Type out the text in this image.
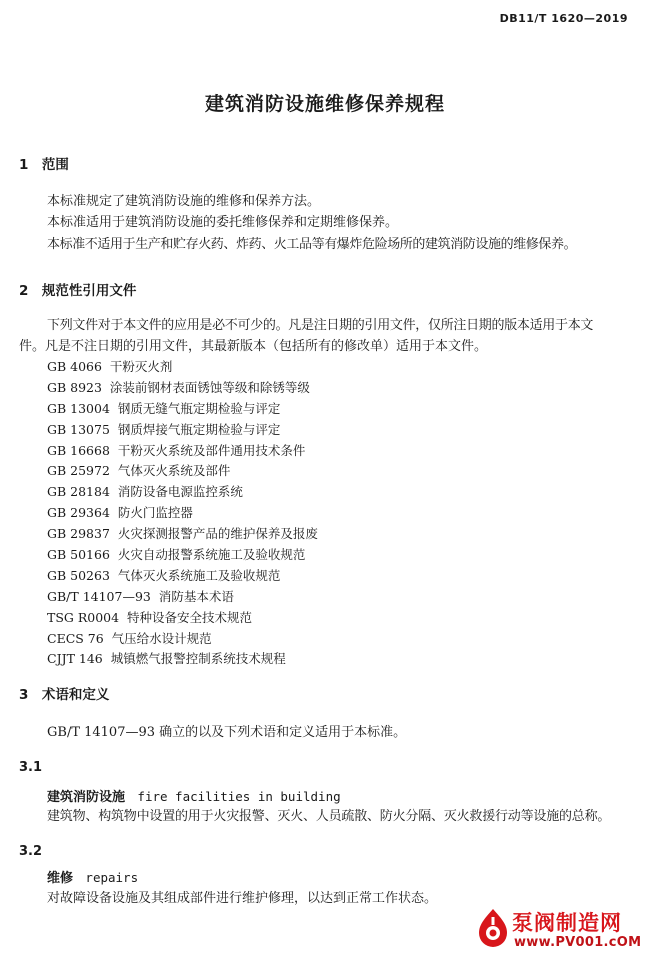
DB11/T 1620—2019
建筑消防设施维修保养规程
1　范围
本标准规定了建筑消防设施的维修和保养方法。
本标准适用于建筑消防设施的委托维修保养和定期维修保养。
本标准不适用于生产和贮存火药、炸药、火工品等有爆炸危险场所的建筑消防设施的维修保养。
2　规范性引用文件
下列文件对于本文件的应用是必不可少的。凡是注日期的引用文件，仅所注日期的版本适用于本文
件。凡是不注日期的引用文件，其最新版本（包括所有的修改单）适用于本文件。
GB 4066 干粉灭火剂
GB 8923 涂装前钢材表面锈蚀等级和除锈等级
GB 13004 钢质无缝气瓶定期检验与评定
GB 13075 钢质焊接气瓶定期检验与评定
GB 16668 干粉灭火系统及部件通用技术条件
GB 25972 气体灭火系统及部件
GB 28184 消防设备电源监控系统
GB 29364 防火门监控器
GB 29837 火灾探测报警产品的维护保养及报废
GB 50166 火灾自动报警系统施工及验收规范
GB 50263 气体灭火系统施工及验收规范
GB/T 14107—93 消防基本术语
TSG R0004 特种设备安全技术规范
CECS 76 气压给水设计规范
CJJT 146 城镇燃气报警控制系统技术规程
3　术语和定义
GB/T 14107—93 确立的以及下列术语和定义适用于本标准。
3.1
建筑消防设施 fire facilities in building
建筑物、构筑物中设置的用于火灾报警、灭火、人员疏散、防火分隔、灭火救援行动等设施的总称。
3.2
维修 repairs
对故障设备设施及其组成部件进行维护修理，以达到正常工作状态。
泵阀制造网
www.PV001.cOM
